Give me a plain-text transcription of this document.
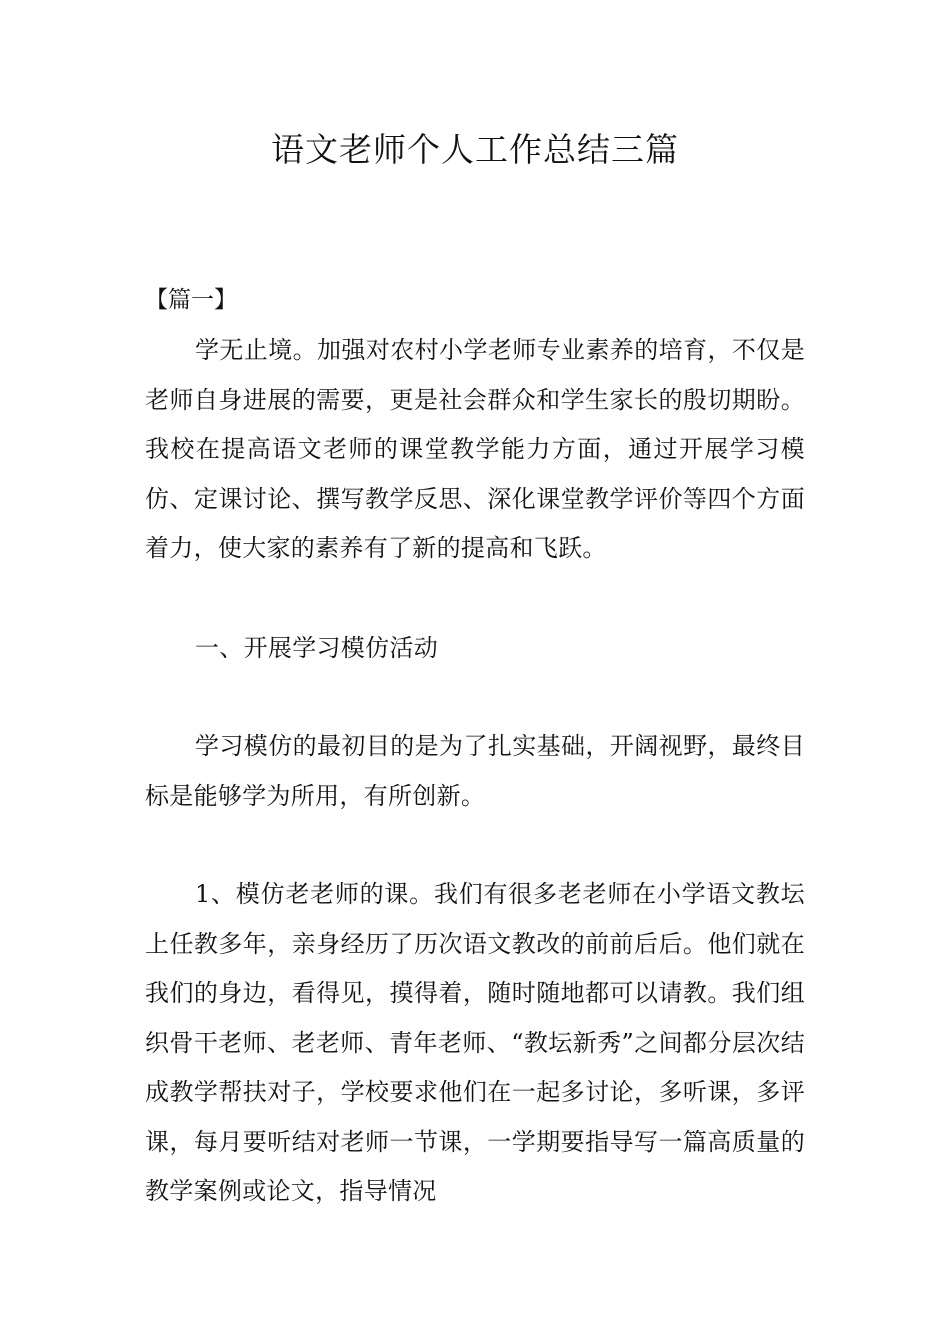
语文老师个人工作总结三篇
【篇一】

学无止境。加强对农村小学老师专业素养的培育，不仅是老师自身进展的需要，更是社会群众和学生家长的殷切期盼。我校在提高语文老师的课堂教学能力方面，通过开展学习模仿、定课讨论、撰写教学反思、深化课堂教学评价等四个方面着力，使大家的素养有了新的提高和飞跃。

一、开展学习模仿活动

学习模仿的最初目的是为了扎实基础，开阔视野，最终目标是能够学为所用，有所创新。

1、模仿老老师的课。我们有很多老老师在小学语文教坛上任教多年，亲身经历了历次语文教改的前前后后。他们就在我们的身边，看得见，摸得着，随时随地都可以请教。我们组织骨干老师、老老师、青年老师、“教坛新秀”之间都分层次结成教学帮扶对子，学校要求他们在一起多讨论，多听课，多评课，每月要听结对老师一节课，一学期要指导写一篇高质量的教学案例或论文，指导情况
